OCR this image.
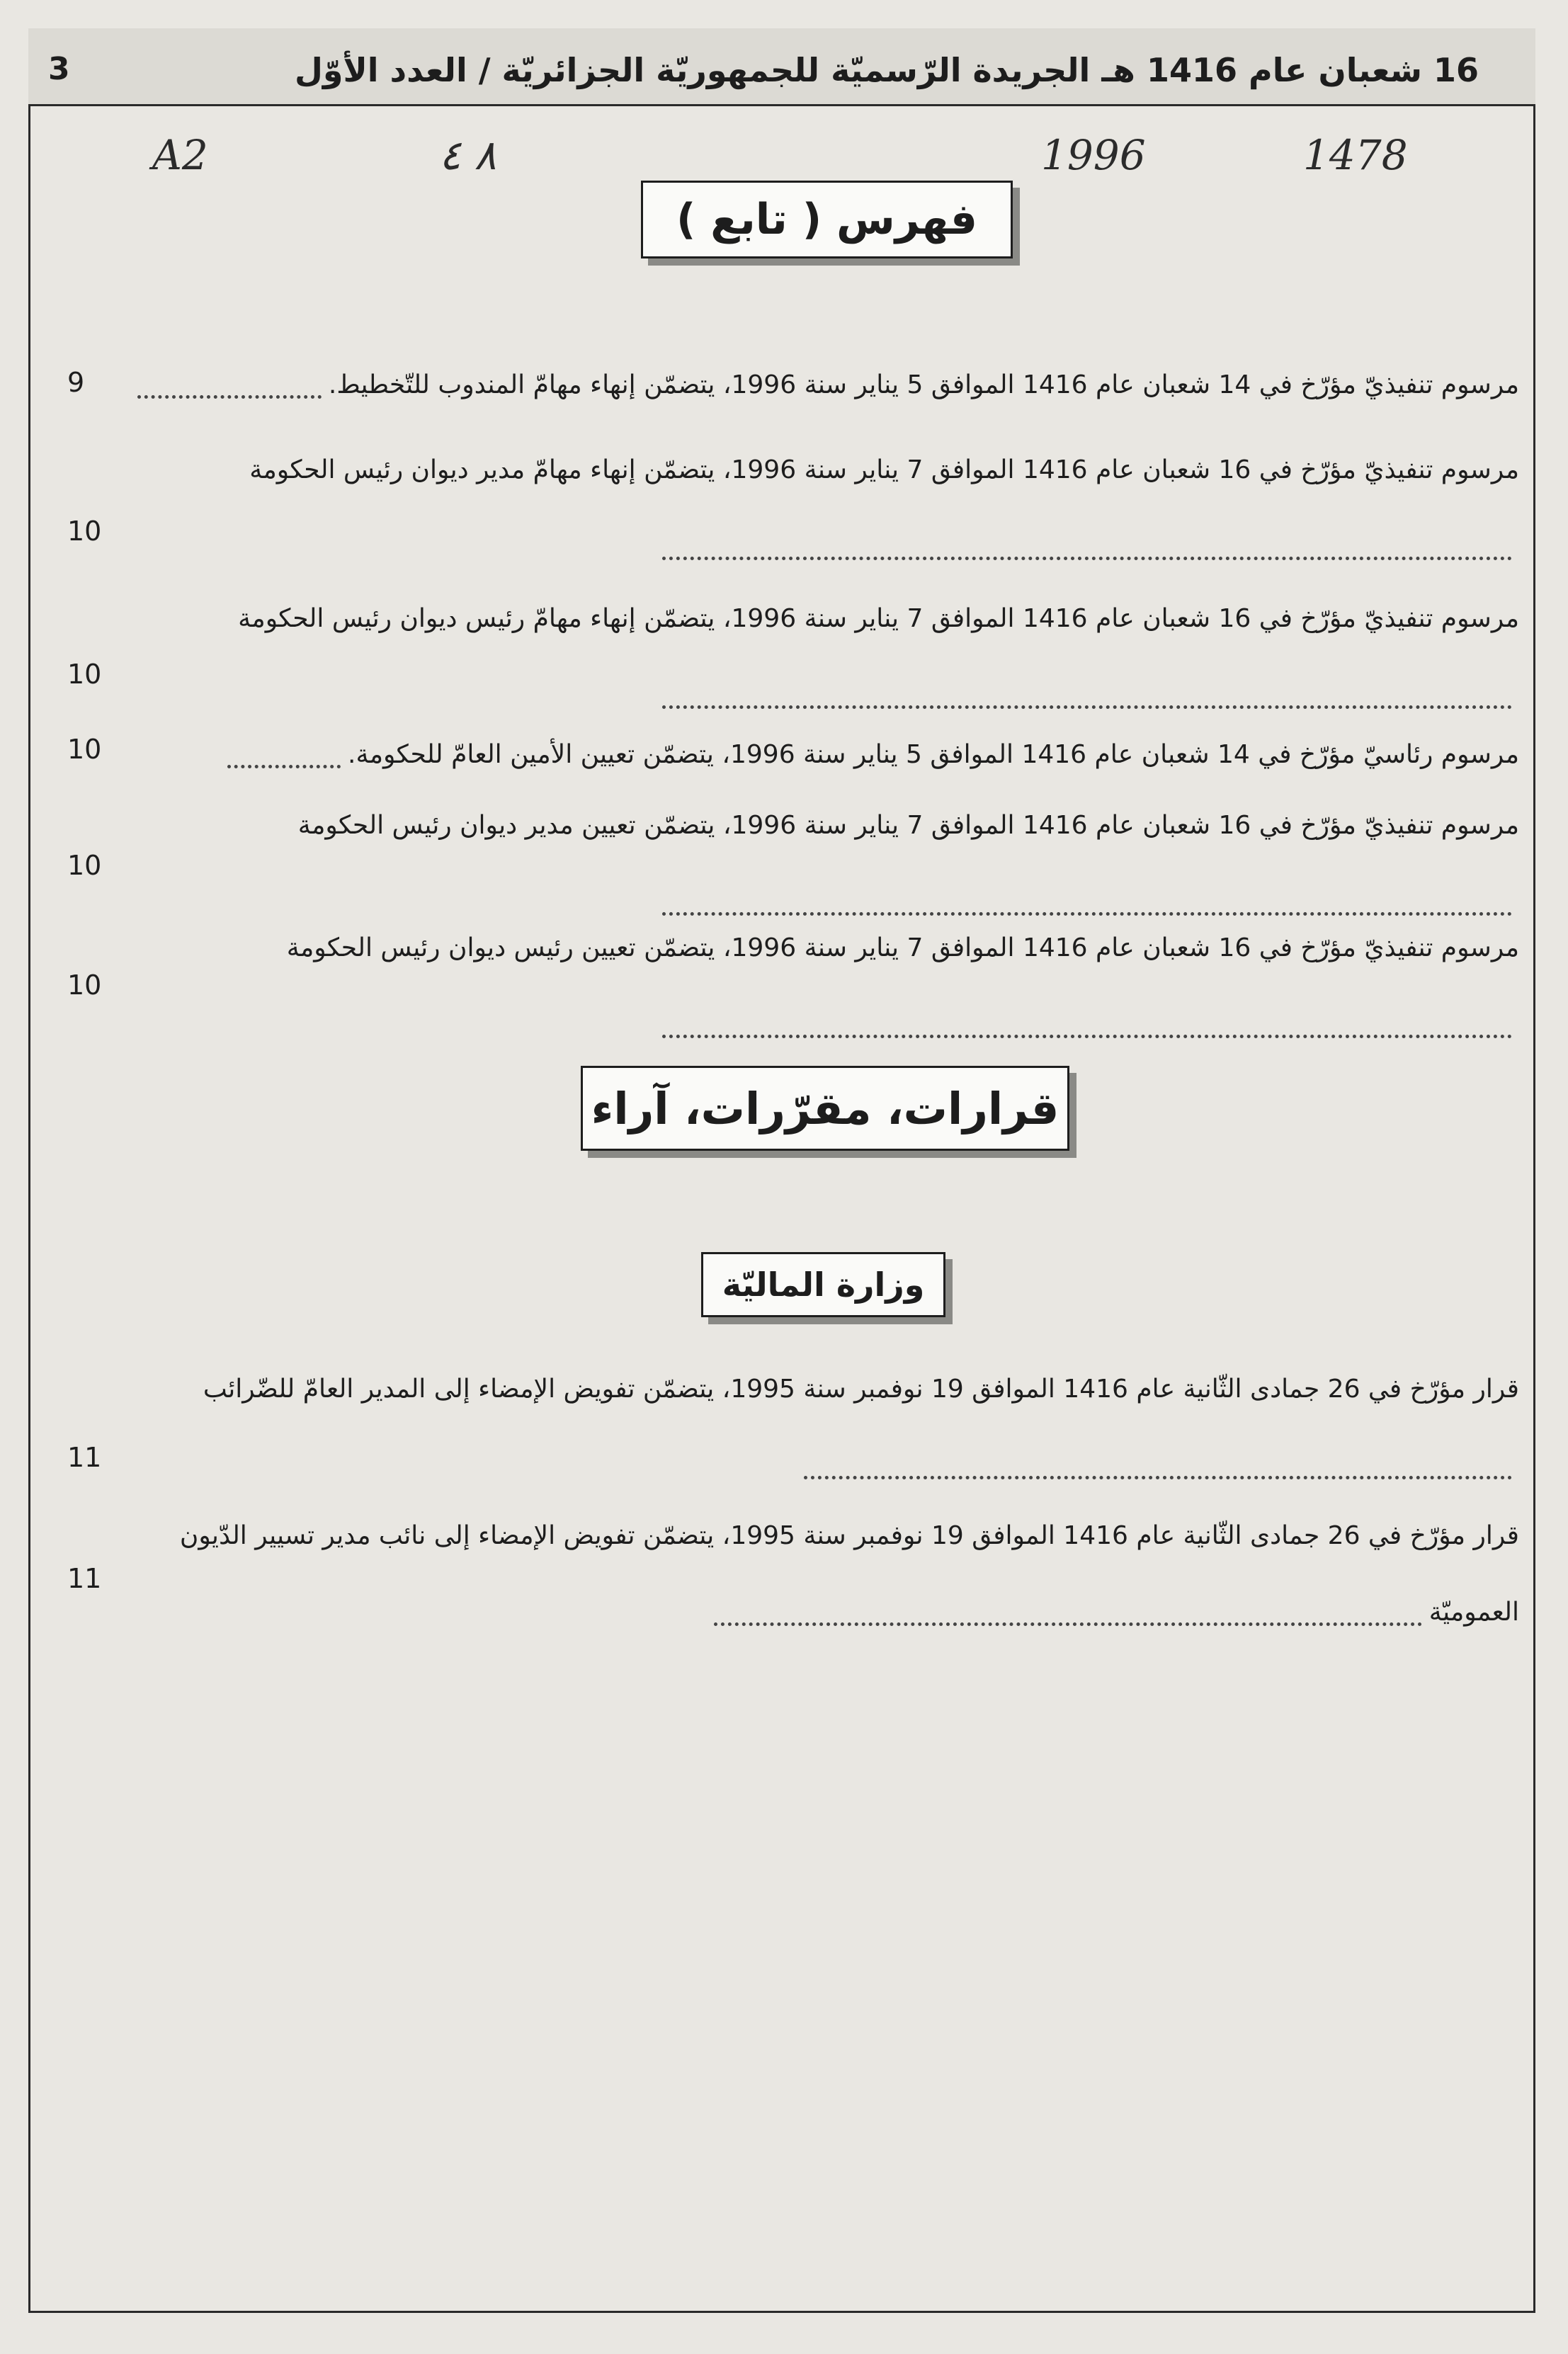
16 شعبان عام 1416 هـ الجريدة الرّسميّة للجمهوريّة الجزائريّة / العدد الأوّل
3
A2	٨ ٤	1996	1478
فهرس ( تابع )

مرسوم تنفيذيّ مؤرّخ في 14 شعبان عام 1416 الموافق 5 يناير سنة 1996، يتضمّن إنهاء مهامّ المندوب للتّخطيط.

9

مرسوم تنفيذيّ مؤرّخ في 16 شعبان عام 1416 الموافق 7 يناير سنة 1996، يتضمّن إنهاء مهامّ مدير ديوان رئيس الحكومة

10

مرسوم تنفيذيّ مؤرّخ في 16 شعبان عام 1416 الموافق 7 يناير سنة 1996، يتضمّن إنهاء مهامّ رئيس ديوان رئيس الحكومة

10

مرسوم رئاسيّ مؤرّخ في 14 شعبان عام 1416 الموافق 5 يناير سنة 1996، يتضمّن تعيين الأمين العامّ للحكومة.

10

مرسوم تنفيذيّ مؤرّخ في 16 شعبان عام 1416 الموافق 7 يناير سنة 1996، يتضمّن تعيين مدير ديوان رئيس الحكومة

10

مرسوم تنفيذيّ مؤرّخ في 16 شعبان عام 1416 الموافق 7 يناير سنة 1996، يتضمّن تعيين رئيس ديوان رئيس الحكومة

10
قرارات، مقرّرات، آراء
وزارة الماليّة

قرار مؤرّخ في 26 جمادى الثّانية عام 1416 الموافق 19 نوفمبر سنة 1995، يتضمّن تفويض الإمضاء إلى المدير العامّ للضّرائب

11

قرار مؤرّخ في 26 جمادى الثّانية عام 1416 الموافق 19 نوفمبر سنة 1995، يتضمّن تفويض الإمضاء إلى نائب مدير تسيير الدّيون العموميّة

11
